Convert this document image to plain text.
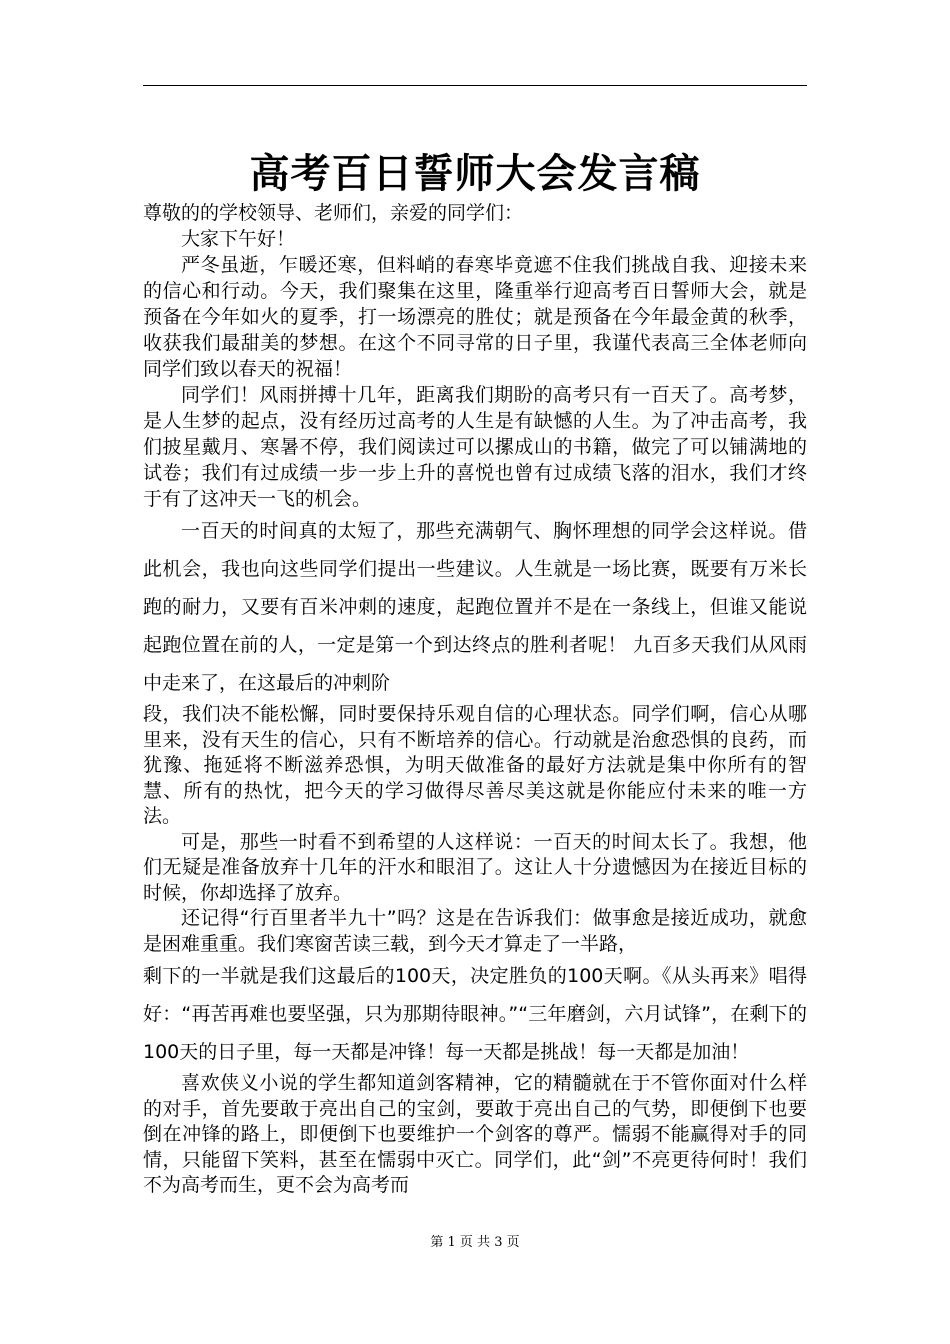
高考百日誓师大会发言稿

尊敬的的学校领导、老师们，亲爱的同学们：

大家下午好！

严冬虽逝，乍暖还寒，但料峭的春寒毕竟遮不住我们挑战自我、迎接未来的信心和行动。今天，我们聚集在这里，隆重举行迎高考百日誓师大会，就是预备在今年如火的夏季，打一场漂亮的胜仗；就是预备在今年最金黄的秋季，收获我们最甜美的梦想。在这个不同寻常的日子里，我谨代表高三全体老师向同学们致以春天的祝福！

同学们！风雨拼搏十几年，距离我们期盼的高考只有一百天了。高考梦，是人生梦的起点，没有经历过高考的人生是有缺憾的人生。为了冲击高考，我们披星戴月、寒暑不停，我们阅读过可以摞成山的书籍，做完了可以铺满地的试卷；我们有过成绩一步一步上升的喜悦也曾有过成绩飞落的泪水，我们才终于有了这冲天一飞的机会。

一百天的时间真的太短了，那些充满朝气、胸怀理想的同学会这样说。借此机会，我也向这些同学们提出一些建议。人生就是一场比赛，既要有万米长跑的耐力，又要有百米冲刺的速度，起跑位置并不是在一条线上，但谁又能说起跑位置在前的人，一定是第一个到达终点的胜利者呢！ 九百多天我们从风雨中走来了，在这最后的冲刺阶

段，我们决不能松懈，同时要保持乐观自信的心理状态。同学们啊，信心从哪里来，没有天生的信心，只有不断培养的信心。行动就是治愈恐惧的良药，而犹豫、拖延将不断滋养恐惧，为明天做准备的最好方法就是集中你所有的智慧、所有的热忱，把今天的学习做得尽善尽美这就是你能应付未来的唯一方法。

可是，那些一时看不到希望的人这样说：一百天的时间太长了。我想，他们无疑是准备放弃十几年的汗水和眼泪了。这让人十分遗憾因为在接近目标的时候，你却选择了放弃。

还记得“行百里者半九十”吗？这是在告诉我们：做事愈是接近成功，就愈是困难重重。我们寒窗苦读三载，到今天才算走了一半路，

剩下的一半就是我们这最后的100天，决定胜负的100天啊。《从头再来》唱得好：“再苦再难也要坚强，只为那期待眼神。”“三年磨剑，六月试锋”，在剩下的100天的日子里，每一天都是冲锋！每一天都是挑战！每一天都是加油！

喜欢侠义小说的学生都知道剑客精神，它的精髓就在于不管你面对什么样的对手，首先要敢于亮出自己的宝剑，要敢于亮出自己的气势，即便倒下也要倒在冲锋的路上，即便倒下也要维护一个剑客的尊严。懦弱不能赢得对手的同情，只能留下笑料，甚至在懦弱中灭亡。同学们，此“剑”不亮更待何时！我们不为高考而生，更不会为高考而

第 1 页 共 3 页
